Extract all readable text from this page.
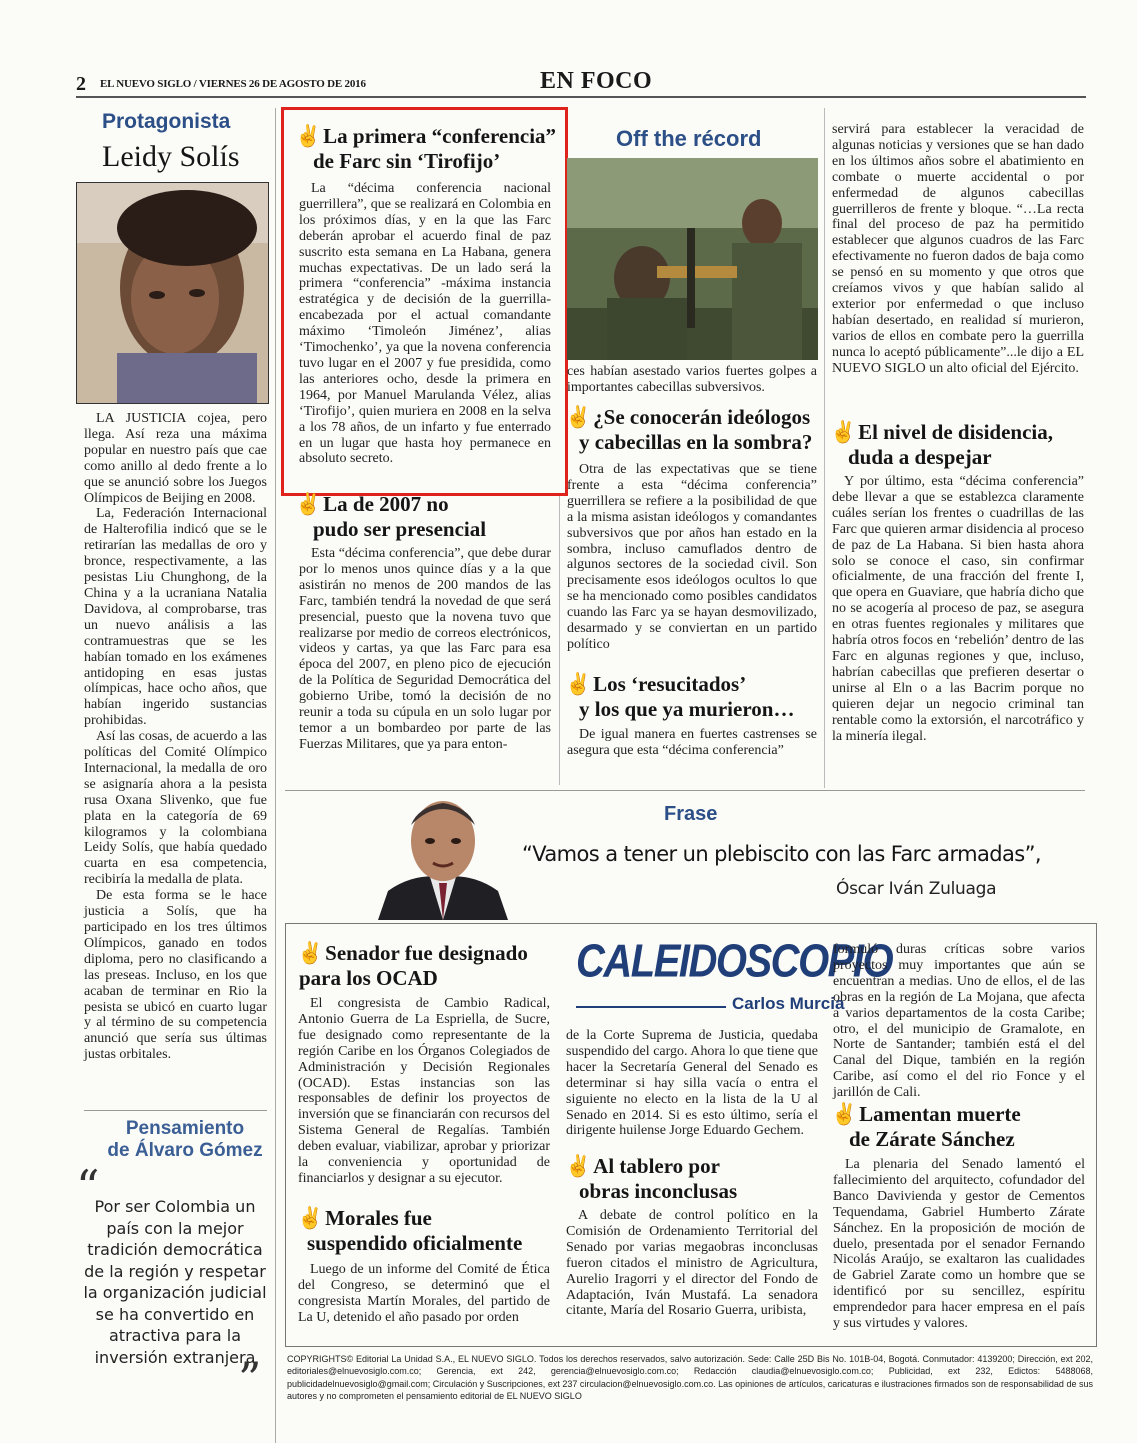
2 EL NUEVO SIGLO / VIERNES 26 DE AGOSTO DE 2016	EN FOCO
Protagonista
Leidy Solís

LA JUSTICIA cojea, pero llega. Así reza una máxima popular en nuestro país que cae como anillo al dedo frente a lo que se anunció sobre los Juegos Olímpicos de Beijing en 2008.

La, Federación Internacional de Halterofilia indicó que se le retirarían las medallas de oro y bronce, respectivamente, a las pesistas Liu Chunghong, de la China y a la ucraniana Natalia Davidova, al comprobarse, tras un nuevo análisis a las contramuestras que se les habían tomado en los exámenes antidoping en esas justas olímpicas, hace ocho años, que habían ingerido sustancias prohibidas.

Así las cosas, de acuerdo a las políticas del Comité Olímpico Internacional, la medalla de oro se asignaría ahora a la pesista rusa Oxana Slivenko, que fue plata en la categoría de 69 kilogramos y la colombiana Leidy Solís, que había quedado cuarta en esa competencia, recibiría la medalla de plata.

De esta forma se le hace justicia a Solís, que ha participado en los tres últimos Olímpicos, ganado en todos diploma, pero no clasificando a las preseas. Incluso, en los que acaban de terminar en Rio la pesista se ubicó en cuarto lugar y al término de su competencia anunció que sería sus últimas justas orbitales.

Pensamiento
de Álvaro Gómez
“
Por ser Colombia un país con la mejor tradición democrática de la región y respetar la organización judicial se ha convertido en atractiva para la inversión extranjera
”
✌La primera “conferencia”
de Farc sin ‘Tirofijo’

La “décima conferencia nacional guerrillera”, que se realizará en Colombia en los próximos días, y en la que las Farc deberán aprobar el acuerdo final de paz suscrito esta semana en La Habana, genera muchas expectativas. De un lado será la primera “conferencia” -máxima instancia estratégica y de decisión de la guerrilla- encabezada por el actual comandante máximo ‘Timoleón Jiménez’, alias ‘Timochenko’, ya que la novena conferencia tuvo lugar en el 2007 y fue presidida, como las anteriores ocho, desde la primera en 1964, por Manuel Marulanda Vélez, alias ‘Tirofijo’, quien muriera en 2008 en la selva a los 78 años, de un infarto y fue enterrado en un lugar que hasta hoy permanece en absoluto secreto.

✌La de 2007 no
pudo ser presencial

Esta “décima conferencia”, que debe durar por lo menos unos quince días y a la que asistirán no menos de 200 mandos de las Farc, también tendrá la novedad de que será presencial, puesto que la novena tuvo que realizarse por medio de correos electrónicos, videos y cartas, ya que las Farc para esa época del 2007, en pleno pico de ejecución de la Política de Seguridad Democrática del gobierno Uribe, tomó la decisión de no reunir a toda su cúpula en un solo lugar por temor a un bombardeo por parte de las Fuerzas Militares, que ya para enton-

Off the récord

ces habían asestado varios fuertes golpes a importantes cabecillas subversivos.

✌¿Se conocerán ideólogos
y cabecillas en la sombra?

Otra de las expectativas que se tiene frente a esta “décima conferencia” guerrillera se refiere a la posibilidad de que a la misma asistan ideólogos y comandantes subversivos que por años han estado en la sombra, incluso camuflados dentro de algunos sectores de la sociedad civil. Son precisamente esos ideólogos ocultos lo que se ha mencionado como posibles candidatos cuando las Farc ya se hayan desmovilizado, desarmado y se conviertan en un partido político

✌Los ‘resucitados’
y los que ya murieron…

De igual manera en fuertes castrenses se asegura que esta “décima conferencia”

servirá para establecer la veracidad de algunas noticias y versiones que se han dado en los últimos años sobre el abatimiento en combate o muerte accidental o por enfermedad de algunos cabecillas guerrilleros de frente y bloque. “…La recta final del proceso de paz ha permitido establecer que algunos cuadros de las Farc efectivamente no fueron dados de baja como se pensó en su momento y que otros que creíamos vivos y que habían salido al exterior por enfermedad o que incluso habían desertado, en realidad sí murieron, varios de ellos en combate pero la guerrilla nunca lo aceptó públicamente”...le dijo a EL NUEVO SIGLO un alto oficial del Ejército.

✌El nivel de disidencia,
duda a despejar

Y por último, esta “décima conferencia” debe llevar a que se establezca claramente cuáles serían los frentes o cuadrillas de las Farc que quieren armar disidencia al proceso de paz de La Habana. Si bien hasta ahora solo se conoce el caso, sin confirmar oficialmente, de una fracción del frente I, que opera en Guaviare, que habría dicho que no se acogería al proceso de paz, se asegura en otras fuentes regionales y militares que habría otros focos en ‘rebelión’ dentro de las Farc en algunas regiones y que, incluso, habrían cabecillas que prefieren desertar o unirse al Eln o a las Bacrim porque no quieren dejar un negocio criminal tan rentable como la extorsión, el narcotráfico y la minería ilegal.

Frase
“Vamos a tener un plebiscito con las Farc armadas”,
Óscar Iván Zuluaga
✌Senador fue designado
para los OCAD

El congresista de Cambio Radical, Antonio Guerra de La Espriella, de Sucre, fue designado como representante de la región Caribe en los Órganos Colegiados de Administración y Decisión Regionales (OCAD). Estas instancias son las responsables de definir los proyectos de inversión que se financiarán con recursos del Sistema General de Regalías. También deben evaluar, viabilizar, aprobar y priorizar la conveniencia y oportunidad de financiarlos y designar a su ejecutor.

✌Morales fue
suspendido oficialmente

Luego de un informe del Comité de Ética del Congreso, se determinó que el congresista Martín Morales, del partido de La U, detenido el año pasado por orden

CALEIDOSCOPIO
Carlos Murcia

de la Corte Suprema de Justicia, quedaba suspendido del cargo. Ahora lo que tiene que hacer la Secretaría General del Senado es determinar si hay silla vacía o entra el siguiente no electo en la lista de la U al Senado en 2014. Si es esto último, sería el dirigente huilense Jorge Eduardo Gechem.

✌Al tablero por
obras inconclusas

A debate de control político en la Comisión de Ordenamiento Territorial del Senado por varias megaobras inconclusas fueron citados el ministro de Agricultura, Aurelio Iragorri y el director del Fondo de Adaptación, Iván Mustafá. La senadora citante, María del Rosario Guerra, uribista,

formuló duras críticas sobre varios proyectos muy importantes que aún se encuentran a medias. Uno de ellos, el de las obras en la región de La Mojana, que afecta a varios departamentos de la costa Caribe; otro, el del municipio de Gramalote, en Norte de Santander; también está el del Canal del Dique, también en la región Caribe, así como el del rio Fonce y el jarillón de Cali.

✌Lamentan muerte
de Zárate Sánchez

La plenaria del Senado lamentó el fallecimiento del arquitecto, cofundador del Banco Davivienda y gestor de Cementos Tequendama, Gabriel Humberto Zárate Sánchez. En la proposición de moción de duelo, presentada por el senador Fernando Nicolás Araújo, se exaltaron las cualidades de Gabriel Zarate como un hombre que se identificó por su sencillez, espíritu emprendedor para hacer empresa en el país y sus virtudes y valores.

COPYRIGHTS© Editorial La Unidad S.A., EL NUEVO SIGLO. Todos los derechos reservados, salvo autorización. Sede: Calle 25D Bis No. 101B-04, Bogotá. Conmutador: 4139200; Dirección, ext 202, editoriales@elnuevosiglo.com.co; Gerencia, ext 242, gerencia@elnuevosiglo.com.co; Redacción claudia@elnuevosiglo.com.co; Publicidad, ext 232, Edictos: 5488068, publicidadelnuevosiglo@gmail.com; Circulación y Suscripciones, ext 237 circulacion@elnuevosiglo.com.co. Las opiniones de artículos, caricaturas e ilustraciones firmados son de responsabilidad de sus autores y no comprometen el pensamiento editorial de EL NUEVO SIGLO
